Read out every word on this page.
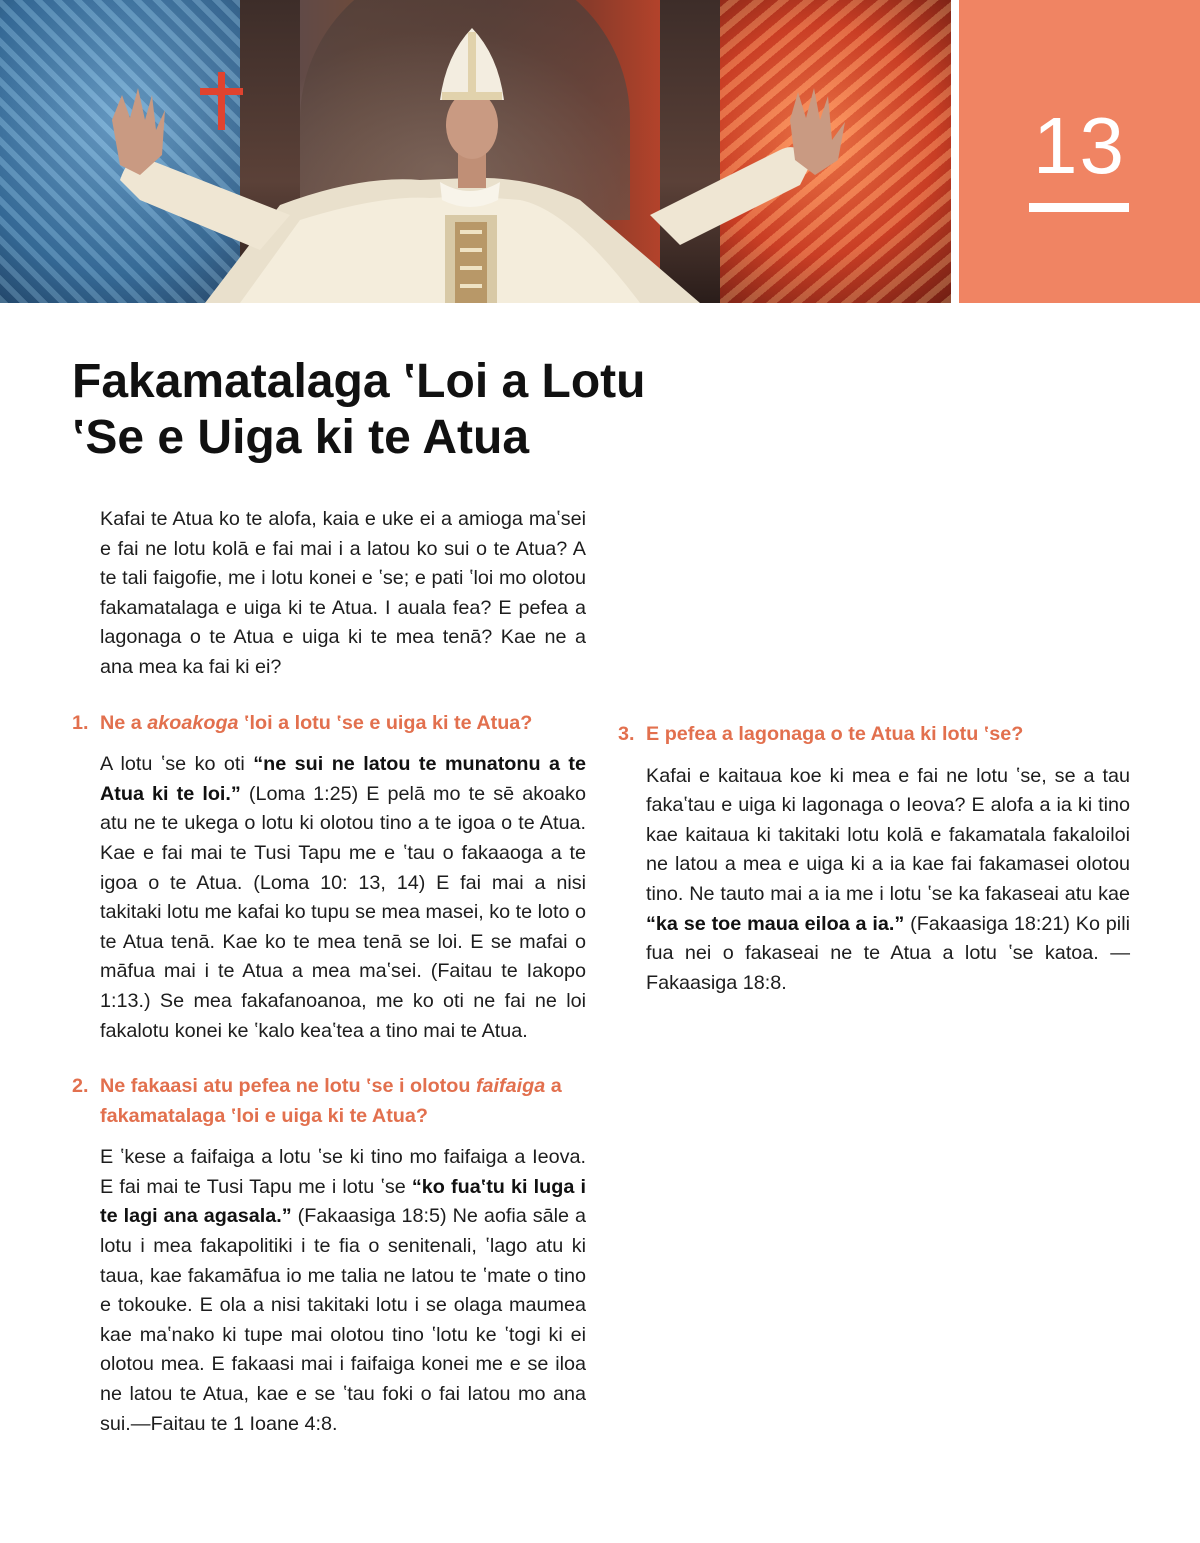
13
Fakamatalaga ʽLoi a Lotu
ʽSe e Uiga ki te Atua

Kafai te Atua ko te alofa, kaia e uke ei a amioga maʽsei e fai ne lotu kolā e fai mai i a latou ko sui o te Atua? A te tali faigofie, me i lotu konei e ʽse; e pati ʽloi mo olotou fakamatalaga e uiga ki te Atua. I auala fea? E pefea a lagonaga o te Atua e uiga ki te mea tenā? Kae ne a ana mea ka fai ki ei?

1. Ne a akoakoga ʽloi a lotu ʽse e uiga ki te Atua?

A lotu ʽse ko oti “ne sui ne latou te munatonu a te Atua ki te loi.” (Loma 1:25) E pelā mo te sē akoako atu ne te ukega o lotu ki olotou tino a te igoa o te Atua. Kae e fai mai te Tusi Tapu me e ʽtau o fakaaoga a te igoa o te Atua. (Loma 10: 13, 14) E fai mai a nisi takitaki lotu me kafai ko tupu se mea masei, ko te loto o te Atua tenā. Kae ko te mea tenā se loi. E se mafai o māfua mai i te Atua a mea maʽsei. (Faitau te Iakopo 1:13.) Se mea fakafanoanoa, me ko oti ne fai ne loi fakalotu konei ke ʽkalo keaʽtea a tino mai te Atua.

2. Ne fakaasi atu pefea ne lotu ʽse i olotou faifaiga a fakamatalaga ʽloi e uiga ki te Atua?

E ʽkese a faifaiga a lotu ʽse ki tino mo faifaiga a Ieova. E fai mai te Tusi Tapu me i lotu ʽse “ko fuaʽtu ki luga i te lagi ana agasala.” (Fakaasiga 18:5) Ne aofia sāle a lotu i mea fakapolitiki i te fia o senitenali, ʽlago atu ki taua, kae fakamāfua io me talia ne latou te ʽmate o tino e tokouke. E ola a nisi takitaki lotu i se olaga maumea kae maʽnako ki tupe mai olotou tino ʽlotu ke ʽtogi ki ei olotou mea. E fakaasi mai i faifaiga konei me e se iloa ne latou te Atua, kae e se ʽtau foki o fai latou mo ana sui.—Faitau te 1 Ioane 4:8.

3. E pefea a lagonaga o te Atua ki lotu ʽse?

Kafai e kaitaua koe ki mea e fai ne lotu ʽse, se a tau fakaʽtau e uiga ki lagonaga o Ieova? E alofa a ia ki tino kae kaitaua ki takitaki lotu kolā e fakamatala fakaloiloi ne latou a mea e uiga ki a ia kae fai fakamasei olotou tino. Ne tauto mai a ia me i lotu ʽse ka fakaseai atu kae “ka se toe maua eiloa a ia.” (Fakaasiga 18:21) Ko pili fua nei o fakaseai ne te Atua a lotu ʽse katoa. —Fakaasiga 18:8.
